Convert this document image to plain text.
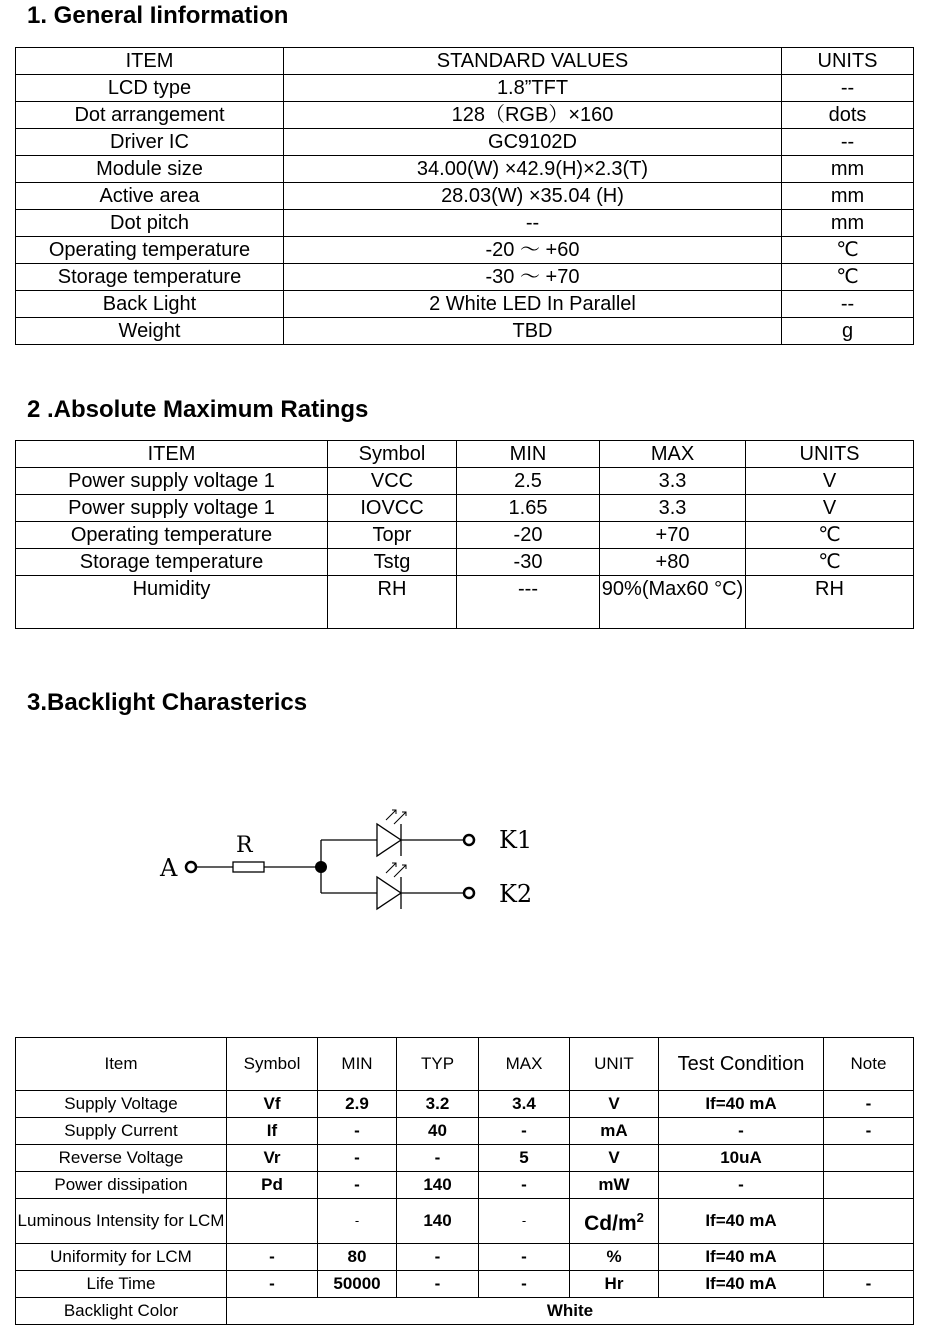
1. General Iinformation
ITEM	STANDARD VALUES	UNITS
LCD type	1.8”TFT	--
Dot arrangement	128（RGB）×160	dots
Driver IC	GC9102D	--
Module size	34.00(W) ×42.9(H)×2.3(T)	mm
Active area	28.03(W) ×35.04 (H)	mm
Dot pitch	--	mm
Operating temperature	-20 ～ +60	℃
Storage temperature	-30 ～ +70	℃
Back Light	2 White LED In Parallel	--
Weight	TBD	g
2 .Absolute Maximum Ratings
ITEM	Symbol	MIN	MAX	UNITS
Power supply voltage 1	VCC	2.5	3.3	V
Power supply voltage 1	IOVCC	1.65	3.3	V
Operating temperature	Topr	-20	+70	℃
Storage temperature	Tstg	-30	+80	℃
Humidity	RH	---	90%(Max60 °C)	RH
3.Backlight Charasterics
A
R	K1
K2
Item	Symbol	MIN	TYP	MAX	UNIT	Test Condition	Note
Supply Voltage	Vf	2.9	3.2	3.4	V	If=40 mA	-
Supply Current	If	-	40	-	mA	-	-
Reverse Voltage	Vr	-	-	5	V	10uA	
Power dissipation	Pd	-	140	-	mW	-	
Luminous Intensity for LCM		-	140	-	$Cd/m^2$	If=40 mA	
Uniformity for LCM	-	80	-	-	%	If=40 mA	
Life Time	-	50000	-	-	Hr	If=40 mA	-
Backlight Color	White						
